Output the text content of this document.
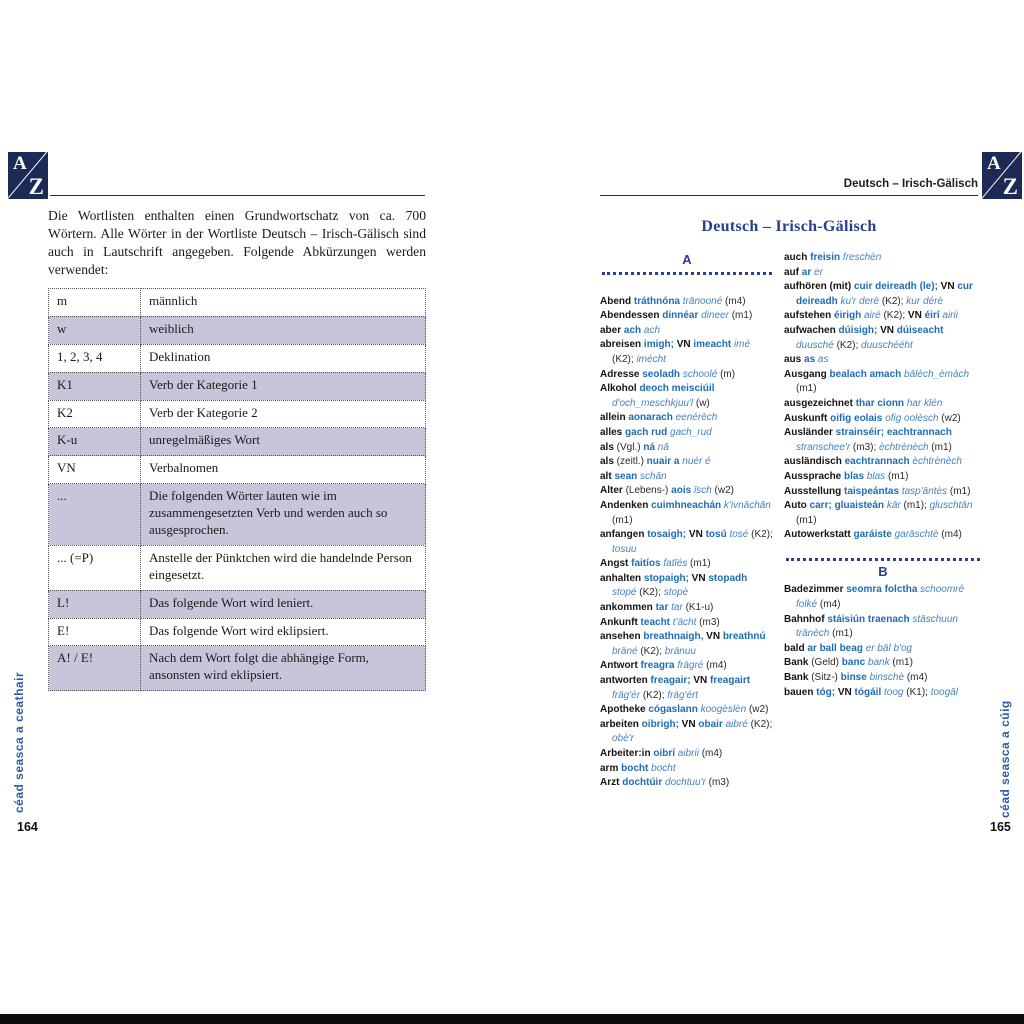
A
Z

Die Wortlisten enthalten einen Grundwortschatz von ca. 700 Wörtern. Alle Wörter in der Wortliste Deutsch – Irisch-Gälisch sind auch in Lautschrift angegeben. Folgende Abkürzungen werden verwendet:

m	männlich
w	weiblich
1, 2, 3, 4	Deklination
K1	Verb der Kategorie 1
K2	Verb der Kategorie 2
K-u	unregelmäßiges Wort
VN	Verbalnomen
...	Die folgenden Wörter lauten wie im zusammengesetzten Verb und werden auch so ausgesprochen.
... (=P)	Anstelle der Pünktchen wird die handelnde Person eingesetzt.
L!	Das folgende Wort wird leniert.
E!	Das folgende Wort wird eklipsiert.
A! / E!	Nach dem Wort folgt die abhängige Form, ansonsten wird eklipsiert.
céad seasca a ceathair
164
Deutsch – Irisch-Gälisch
A
Z
Deutsch – Irisch-Gälisch
A
Abend tráthnóna trānooné (m4)
Abendessen dinnéar dineer (m1)
aber ach ach
abreisen imigh; VN imeacht imé (K2); imécht
Adresse seoladh schoolé (m)
Alkohol deoch meisciúil d'och_meschkjuu'l (w)
allein aonarach eenérèch
alles gach rud gach_rud
als (Vgl.) ná nā
als (zeitl.) nuair a nuér é
alt sean schān
Alter (Lebens-) aois īsch (w2)
Andenken cuimhneachán k'ivnāchān (m1)
anfangen tosaigh; VN tosú tosé (K2); tosuu
Angst faitíos fatīés (m1)
anhalten stopaigh; VN stopadh stopé (K2); stopè
ankommen tar tar (K1-u)
Ankunft teacht t'ächt (m3)
ansehen breathnaigh, VN breathnú bräné (K2); bränuu
Antwort freagra frägré (m4)
antworten freagair; VN freagairt fräg'ér (K2); fräg'ért
Apotheke cógaslann koogèslèn (w2)
arbeiten oibrigh; VN obair aibré (K2); obè'r
Arbeiter:in oibrí aibrii (m4)
arm bocht bocht
Arzt dochtúir dochtuu'r (m3)
auch freisin freschèn
auf ar er
aufhören (mit) cuir deireadh (le); VN cur deireadh ku'r derè (K2); kur dérè
aufstehen éirigh airé (K2); VN éirí airii
aufwachen dúisigh; VN dúiseacht duusché (K2); duuschééht
aus as as
Ausgang bealach amach bālèch_èmàch (m1)
ausgezeichnet thar cionn har kīén
Auskunft oifig eolais ofig oolèsch (w2)
Ausländer strainséir; eachtrannach stranschee'r (m3); èchtrènèch (m1)
ausländisch eachtrannach èchtrènèch
Aussprache blas blas (m1)
Ausstellung taispeántas tasp'āntès (m1)
Auto carr; gluaisteán kār (m1); gluschtān (m1)
Autowerkstatt garáiste garāschtè (m4)
B
Badezimmer seomra folctha schoomré folké (m4)
Bahnhof stáisiún traenach stāschuun trānèch (m1)
bald ar ball beag er bāl b'og
Bank (Geld) banc bank (m1)
Bank (Sitz-) binse binschè (m4)
bauen tóg; VN tógáil toog (K1); toogāl
céad seasca a cúig
165
